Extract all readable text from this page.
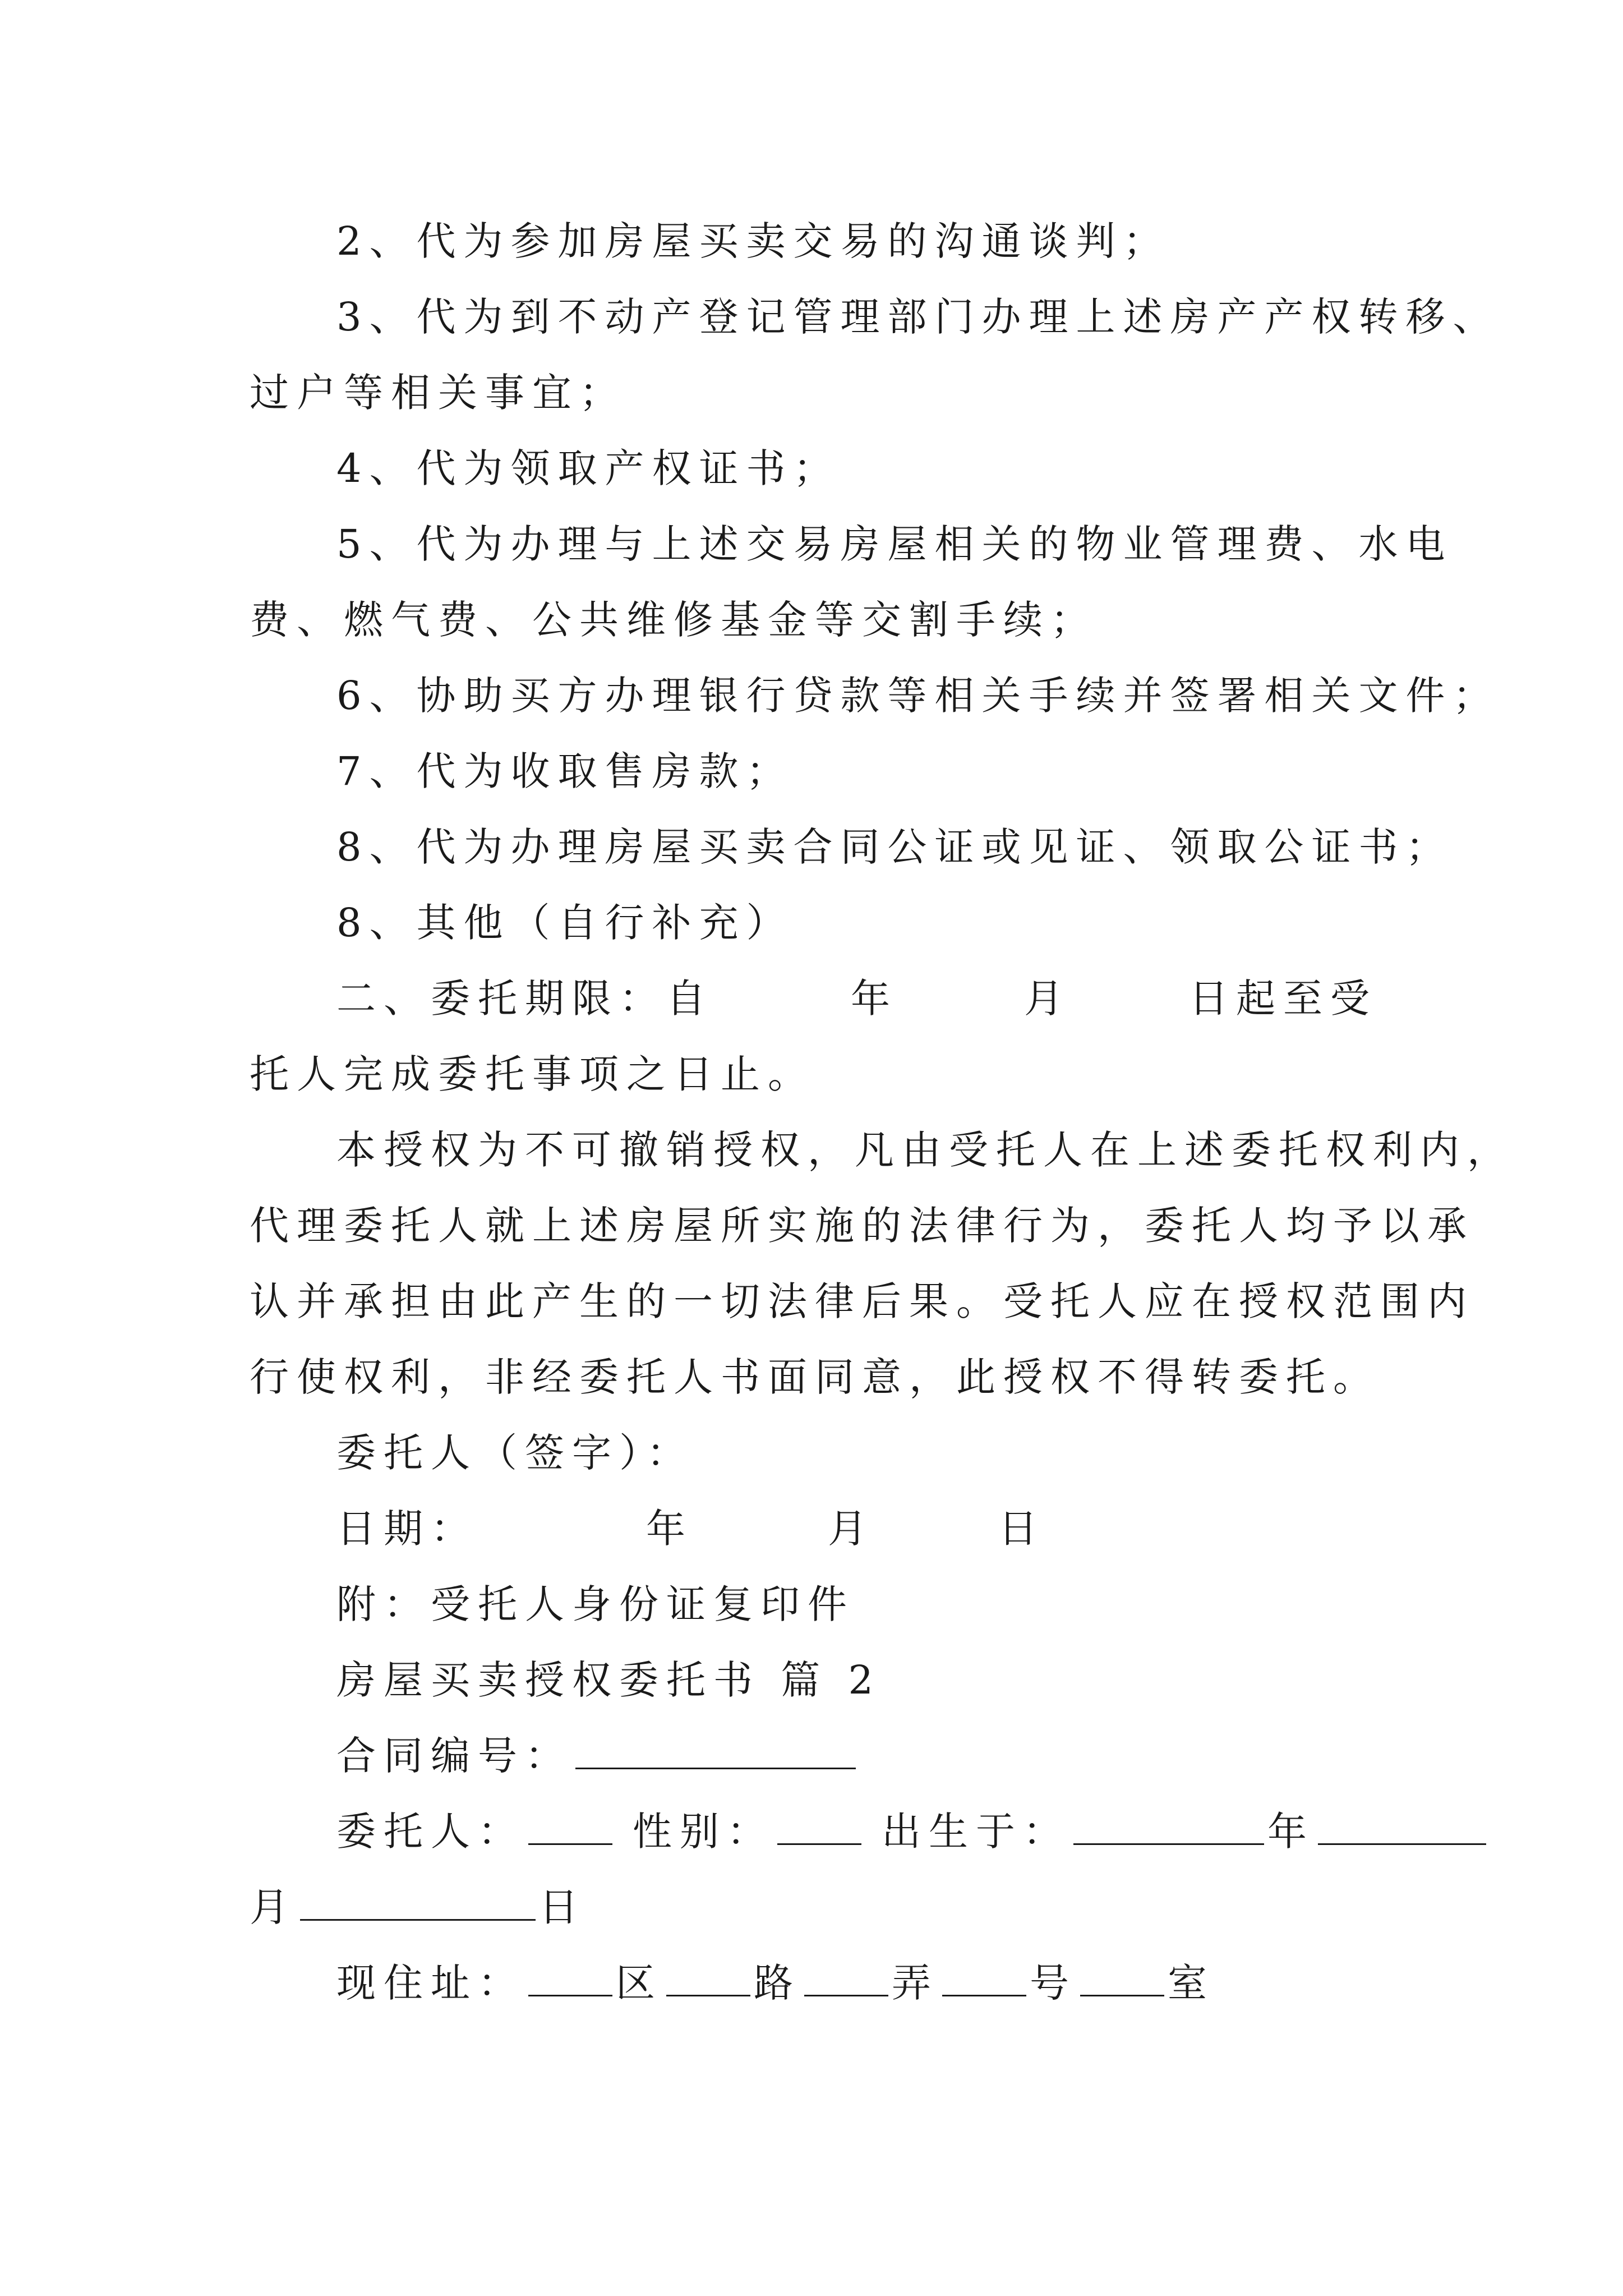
2、代为参加房屋买卖交易的沟通谈判；
3、代为到不动产登记管理部门办理上述房产产权转移、
过户等相关事宜；
4、代为领取产权证书；
5、代为办理与上述交易房屋相关的物业管理费、水电
费、燃气费、公共维修基金等交割手续；
6、协助买方办理银行贷款等相关手续并签署相关文件；
7、代为收取售房款；
8、代为办理房屋买卖合同公证或见证、领取公证书；
8、其他（自行补充）
二、委托期限：自	年	月	日起至受
托人完成委托事项之日止。
本授权为不可撤销授权，凡由受托人在上述委托权利内，
代理委托人就上述房屋所实施的法律行为，委托人均予以承
认并承担由此产生的一切法律后果。受托人应在授权范围内
行使权利，非经委托人书面同意，此授权不得转委托。
委托人（签字）：
日期：	年	月	日
附：受托人身份证复印件
房屋买卖授权委托书 篇 2
合同编号：
委托人：	性别：	出生于：	年
月	日
现住址： 区 路 弄 号 室
